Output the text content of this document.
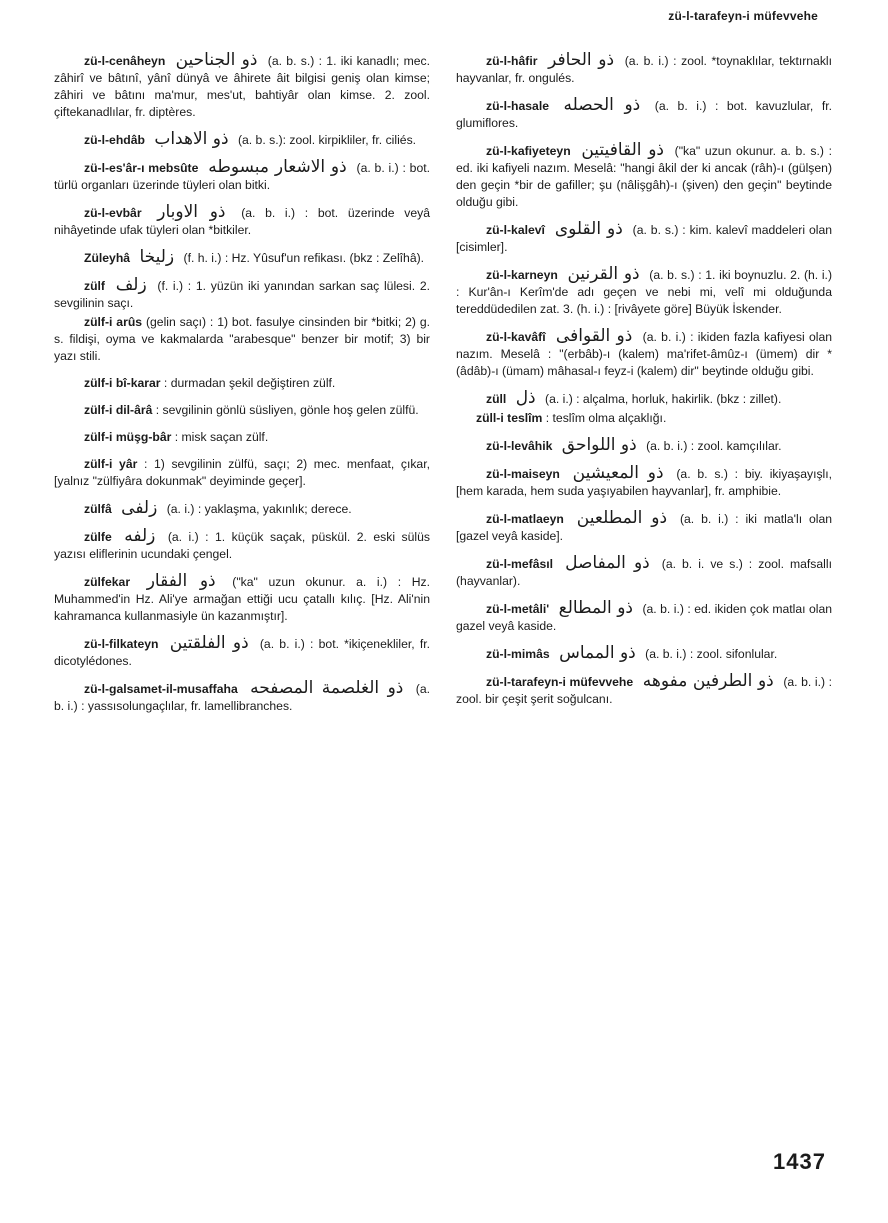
zü-l-tarafeyn-i müfevvehe

zü-l-cenâheyn ذو الجناحين (a. b. s.) : 1. iki kanadlı; mec. zâhirî ve bâtınî, yânî dünyâ ve âhirete âit bilgisi geniş olan kimse; zâhiri ve bâtını ma'mur, mes'ut, bahtiyâr olan kimse. 2. zool. çiftekanadlılar, fr. diptères.

zü-l-ehdâb ذو الاهداب (a. b. s.): zool. kirpikliler, fr. ciliés.

zü-l-es'âr-ı mebsûte ذو الاشعار مبسوطه (a. b. i.) : bot. türlü organları üzerinde tüyleri olan bitki.

zü-l-evbâr ذو الاوبار (a. b. i.) : bot. üzerinde veyâ nihâyetinde ufak tüyleri olan *bitkiler.

Züleyhâ زليخا (f. h. i.) : Hz. Yûsuf'un refikası. (bkz : Zelîhâ).

zülf زلف (f. i.) : 1. yüzün iki yanından sarkan saç lülesi. 2. sevgilinin saçı.

zülf-i arûs (gelin saçı) : 1) bot. fasulye cinsinden bir *bitki; 2) g. s. fildişi, oyma ve kakmalarda "arabesque" benzer bir motif; 3) bir yazı stili.

zülf-i bî-karar : durmadan şekil değiştiren zülf.

zülf-i dil-ârâ : sevgilinin gönlü süsliyen, gönle hoş gelen zülfü.

zülf-i müşg-bâr : misk saçan zülf.

zülf-i yâr : 1) sevgilinin zülfü, saçı; 2) mec. menfaat, çıkar, [yalnız "zülfiyâra dokunmak" deyiminde geçer].

zülfâ زلفى (a. i.) : yaklaşma, yakınlık; derece.

zülfe زلفه (a. i.) : 1. küçük saçak, püskül. 2. eski sülüs yazısı eliflerinin ucundaki çengel.

zülfekar ذو الفقار ("ka" uzun okunur. a. i.) : Hz. Muhammed'in Hz. Ali'ye armağan ettiği ucu çatallı kılıç. [Hz. Ali'nin kahramanca kullanmasiyle ün kazanmıştır].

zü-l-filkateyn ذو الفلقتين (a. b. i.) : bot. *ikiçenekliler, fr. dicotylédones.

zü-l-galsamet-il-musaffaha ذو الغلصمة المصفحه (a. b. i.) : yassısolungaçlılar, fr. lamellibranches.

zü-l-hâfir ذو الحافر (a. b. i.) : zool. *toynaklılar, tektırnaklı hayvanlar, fr. ongulés.

zü-l-hasale ذو الحصله (a. b. i.) : bot. kavuzlular, fr. glumiflores.

zü-l-kafiyeteyn ذو القافيتين ("ka" uzun okunur. a. b. s.) : ed. iki kafiyeli nazım. Meselâ: "hangi âkil der ki ancak (râh)-ı (gülşen) den geçin *bir de gafiller; şu (nâlişgâh)-ı (şiven) den geçin" beytinde olduğu gibi.

zü-l-kalevî ذو القلوى (a. b. s.) : kim. kalevî maddeleri olan [cisimler].

zü-l-karneyn ذو القرنين (a. b. s.) : 1. iki boynuzlu. 2. (h. i.) : Kur'ân-ı Kerîm'de adı geçen ve nebi mi, velî mi olduğunda tereddüdedilen zat. 3. (h. i.) : [rivâyete göre] Büyük İskender.

zü-l-kavâfî ذو القوافى (a. b. i.) : ikiden fazla kafiyesi olan nazım. Meselâ : "(erbâb)-ı (kalem) ma'rifet-âmûz-ı (ümem) dir * (âdâb)-ı (ümam) mâhasal-ı feyz-i (kalem) dir" beytinde olduğu gibi.

züll ذل (a. i.) : alçalma, horluk, hakirlik. (bkz : zillet).

züll-i teslîm : teslîm olma alçaklığı.

zü-l-levâhik ذو اللواحق (a. b. i.) : zool. kamçılılar.

zü-l-maiseyn ذو المعيشين (a. b. s.) : biy. ikiyaşayışlı, [hem karada, hem suda yaşıyabilen hayvanlar], fr. amphibie.

zü-l-matlaeyn ذو المطلعين (a. b. i.) : iki matla'lı olan [gazel veyâ kaside].

zü-l-mefâsıl ذو المفاصل (a. b. i. ve s.) : zool. mafsallı (hayvanlar).

zü-l-metâli' ذو المطالع (a. b. i.) : ed. ikiden çok matlaı olan gazel veyâ kaside.

zü-l-mimâs ذو المماس (a. b. i.) : zool. sifonlular.

zü-l-tarafeyn-i müfevvehe ذو الطرفين مفوهه (a. b. i.) : zool. bir çeşit şerit soğulcanı.

1437
